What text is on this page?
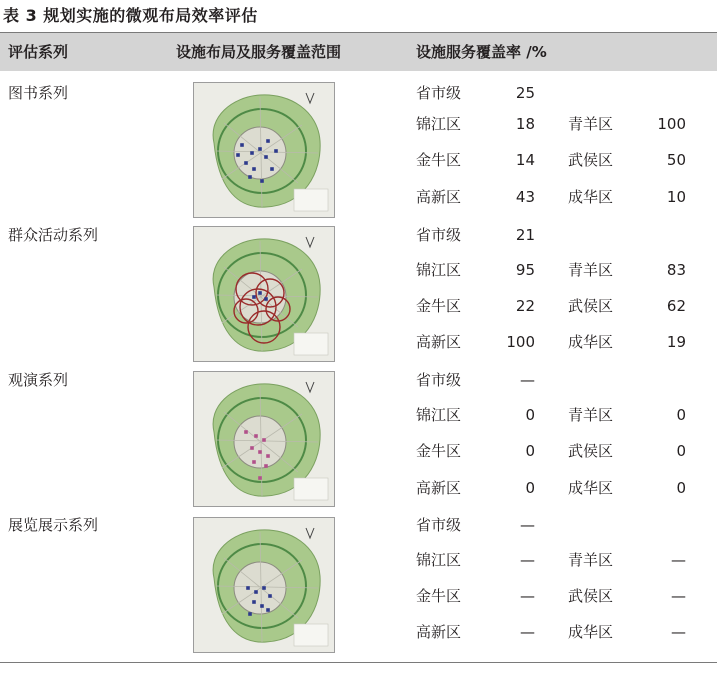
表 3 规划实施的微观布局效率评估
评估系列	设施布局及服务覆盖范围	设施服务覆盖率 /%
图书系列	省市级	25
锦江区	18 青羊区	100
金牛区	14 武侯区	50
高新区	43 成华区	10
群众活动系列	省市级	21
锦江区	95 青羊区	83
金牛区	22 武侯区	62
高新区	100 成华区	19
观演系列	省市级	—
锦江区	0 青羊区	0
金牛区	0 武侯区	0
高新区	0 成华区	0
展览展示系列	省市级	—
锦江区	— 青羊区	—
金牛区	— 武侯区	—
高新区	— 成华区	—
